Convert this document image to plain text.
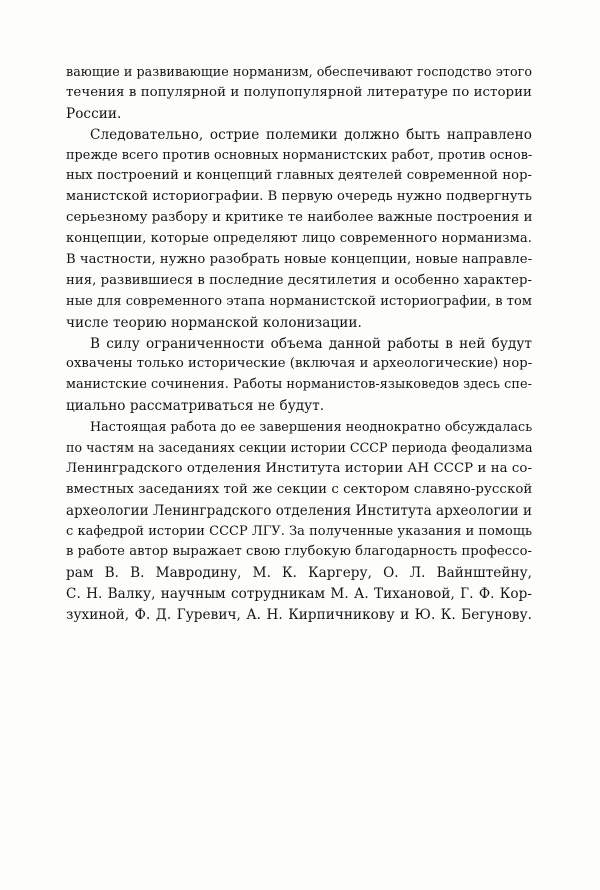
вающие и развивающие норманизм, обеспечивают господство этого
течения в популярной и полупопулярной литературе по истории
России.
Следовательно, острие полемики должно быть направлено
прежде всего против основных норманистских работ, против основ-
ных построений и концепций главных деятелей современной нор-
манистской историографии. В первую очередь нужно подвергнуть
серьезному разбору и критике те наиболее важные построения и
концепции, которые определяют лицо современного норманизма.
В частности, нужно разобрать новые концепции, новые направле-
ния, развившиеся в последние десятилетия и особенно характер-
ные для современного этапа норманистской историографии, в том
числе теорию норманской колонизации.
В силу ограниченности объема данной работы в ней будут
охвачены только исторические (включая и археологические) нор-
манистские сочинения. Работы норманистов-языковедов здесь спе-
циально рассматриваться не будут.
Настоящая работа до ее завершения неоднократно обсуждалась
по частям на заседаниях секции истории СССР периода феодализма
Ленинградского отделения Института истории АН СССР и на со-
вместных заседаниях той же секции с сектором славяно-русской
археологии Ленинградского отделения Института археологии и
с кафедрой истории СССР ЛГУ. За полученные указания и помощь
в работе автор выражает свою глубокую благодарность профессо-
рам В. В. Мавродину, М. К. Каргеру, О. Л. Вайнштейну,
С. Н. Валку, научным сотрудникам М. А. Тихановой, Г. Ф. Кор-
зухиной, Ф. Д. Гуревич, А. Н. Кирпичникову и Ю. К. Бегунову.
